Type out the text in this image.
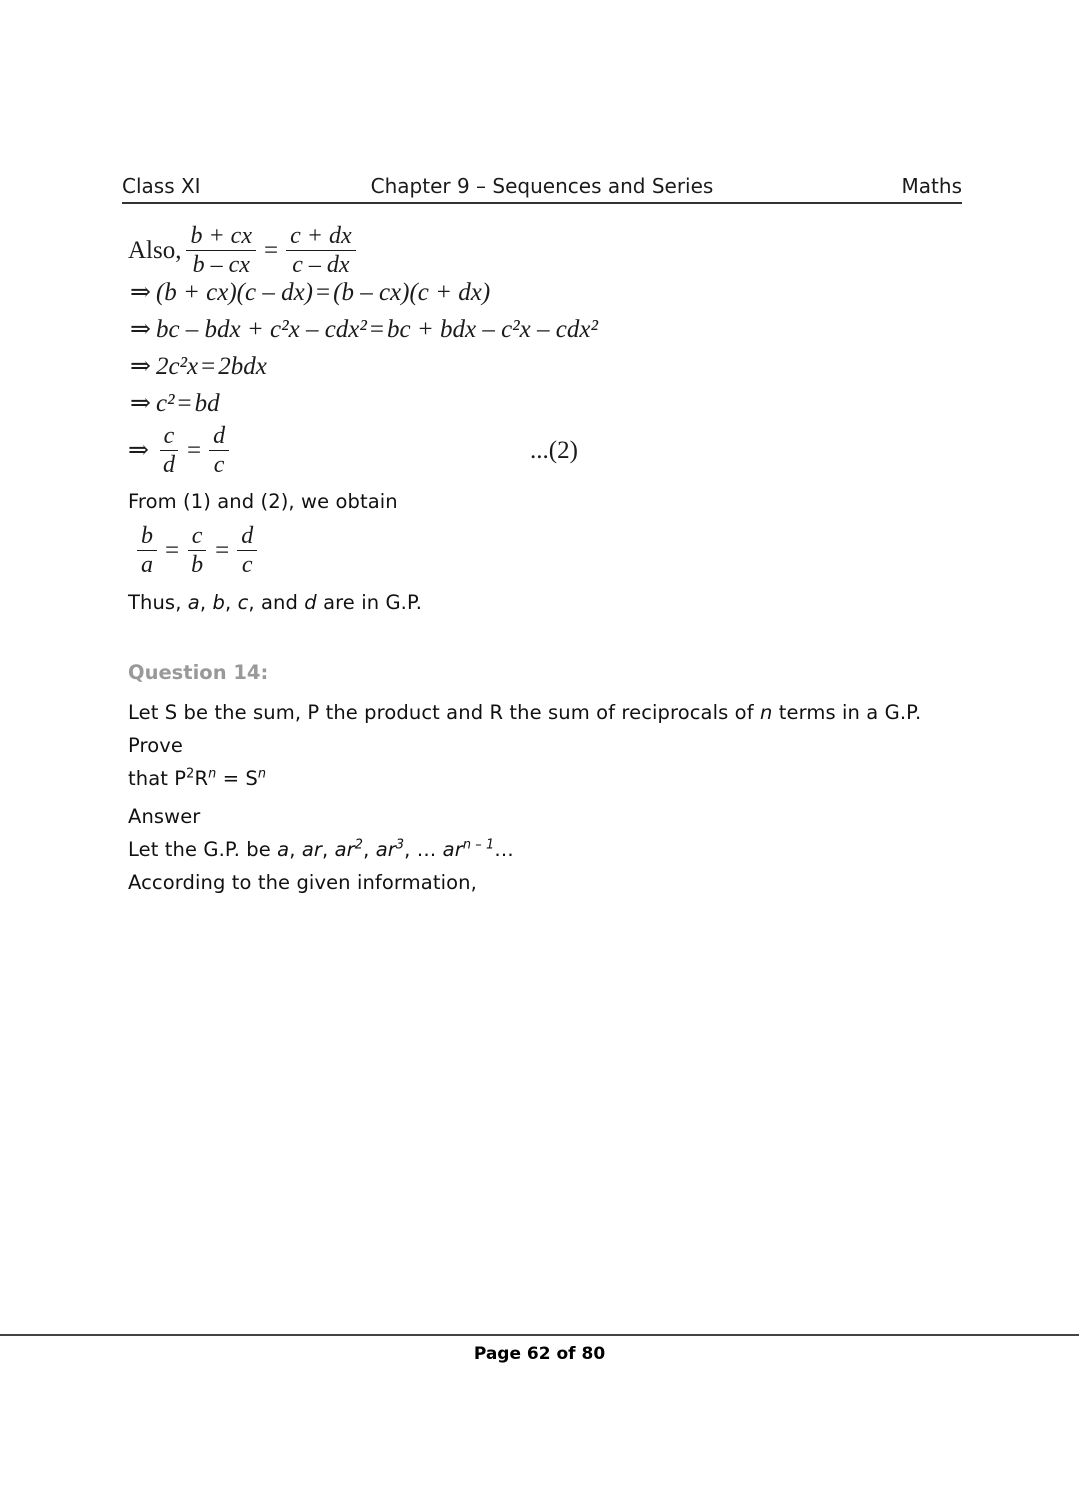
Class XI	Chapter 9 – Sequences and Series	Maths
Also, $\frac{b + cx}{b - cx} = \frac{c + dx}{c - dx}$
⇒ (b + cx)(c – dx) = (b – cx)(c + dx)
⇒ bc – bdx + c²x – cdx² = bc + bdx – c²x – cdx²
⇒ 2c²x = 2bdx
⇒ c² = bd
⇒ $\frac{c}{d} = \frac{d}{c}$	...(2)

From (1) and (2), we obtain

$\frac{b}{a} = \frac{c}{b} = \frac{d}{c}$

Thus, a, b, c, and d are in G.P.

Question 14:

Let S be the sum, P the product and R the sum of reciprocals of n terms in a G.P. Prove

that $P^2R^n = S^n$

Answer

Let the G.P. be a, ar, $ar^2$, $ar^3$, … $ar^{n - 1}\dots$

According to the given information,

Page 62 of 80
